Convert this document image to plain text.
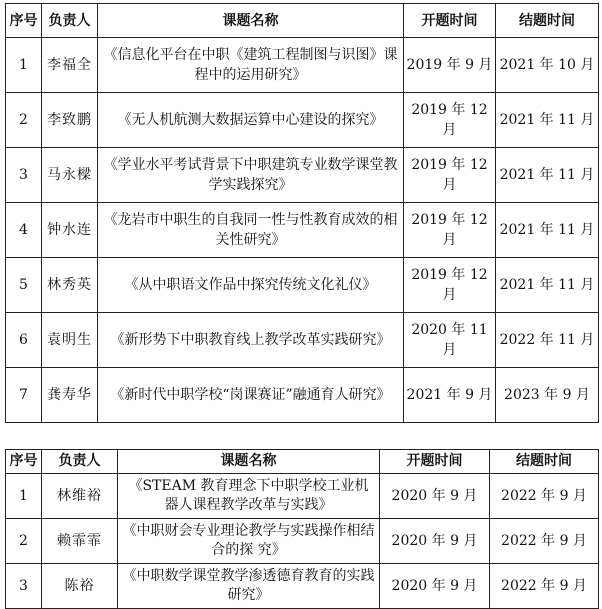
序号	负责人	课题名称	开题时间	结题时间
1	李福全	《信息化平台在中职《建筑工程制图与识图》课程中的运用研究》	2019 年 9 月	2021 年 10 月
2	李致鹏	《无人机航测大数据运算中心建设的探究》	2019 年 12 月	2021 年 11 月
3	马永樑	《学业水平考试背景下中职建筑专业数学课堂教学实践探究》	2019 年 12 月	2021 年 11 月
4	钟水连	《龙岩市中职生的自我同一性与性教育成效的相关性研究》	2019 年 12 月	2021 年 11 月
5	林秀英	《从中职语文作品中探究传统文化礼仪》	2019 年 12 月	2021 年 11 月
6	袁明生	《新形势下中职教育线上教学改革实践研究》	2020 年 11 月	2022 年 11 月
7	龚寿华	《新时代中职学校“岗课赛证”融通育人研究》	2021 年 9 月	2023 年 9 月
序号	负责人	课题名称	开题时间	结题时间
1	林维裕	《STEAM 教育理念下中职学校工业机器人课程教学改革与实践》	2020 年 9 月	2022 年 9 月
2	赖霏霏	《中职财会专业理论教学与实践操作相结合的探 究》	2020 年 9 月	2022 年 9 月
3	陈裕	《中职数学课堂教学渗透德育教育的实践研究》	2020 年 9 月	2022 年 9 月
